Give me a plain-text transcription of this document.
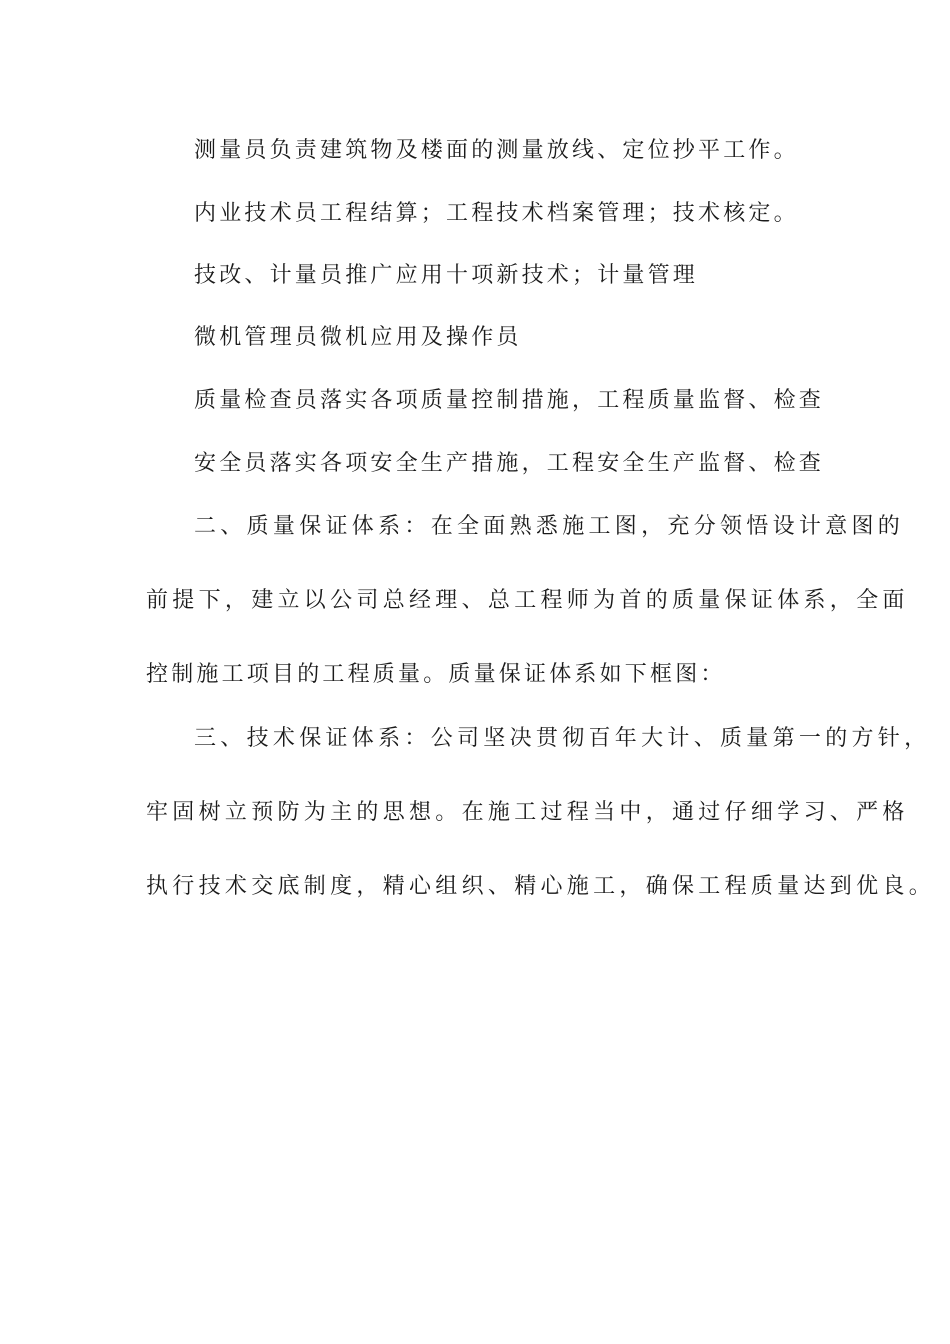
测量员负责建筑物及楼面的测量放线、定位抄平工作。
内业技术员工程结算；工程技术档案管理；技术核定。
技改、计量员推广应用十项新技术；计量管理
微机管理员微机应用及操作员
质量检查员落实各项质量控制措施，工程质量监督、检查
安全员落实各项安全生产措施，工程安全生产监督、检查
二、质量保证体系：在全面熟悉施工图，充分领悟设计意图的
前提下，建立以公司总经理、总工程师为首的质量保证体系，全面
控制施工项目的工程质量。质量保证体系如下框图：
三、技术保证体系：公司坚决贯彻百年大计、质量第一的方针，
牢固树立预防为主的思想。在施工过程当中，通过仔细学习、严格
执行技术交底制度，精心组织、精心施工，确保工程质量达到优良。
